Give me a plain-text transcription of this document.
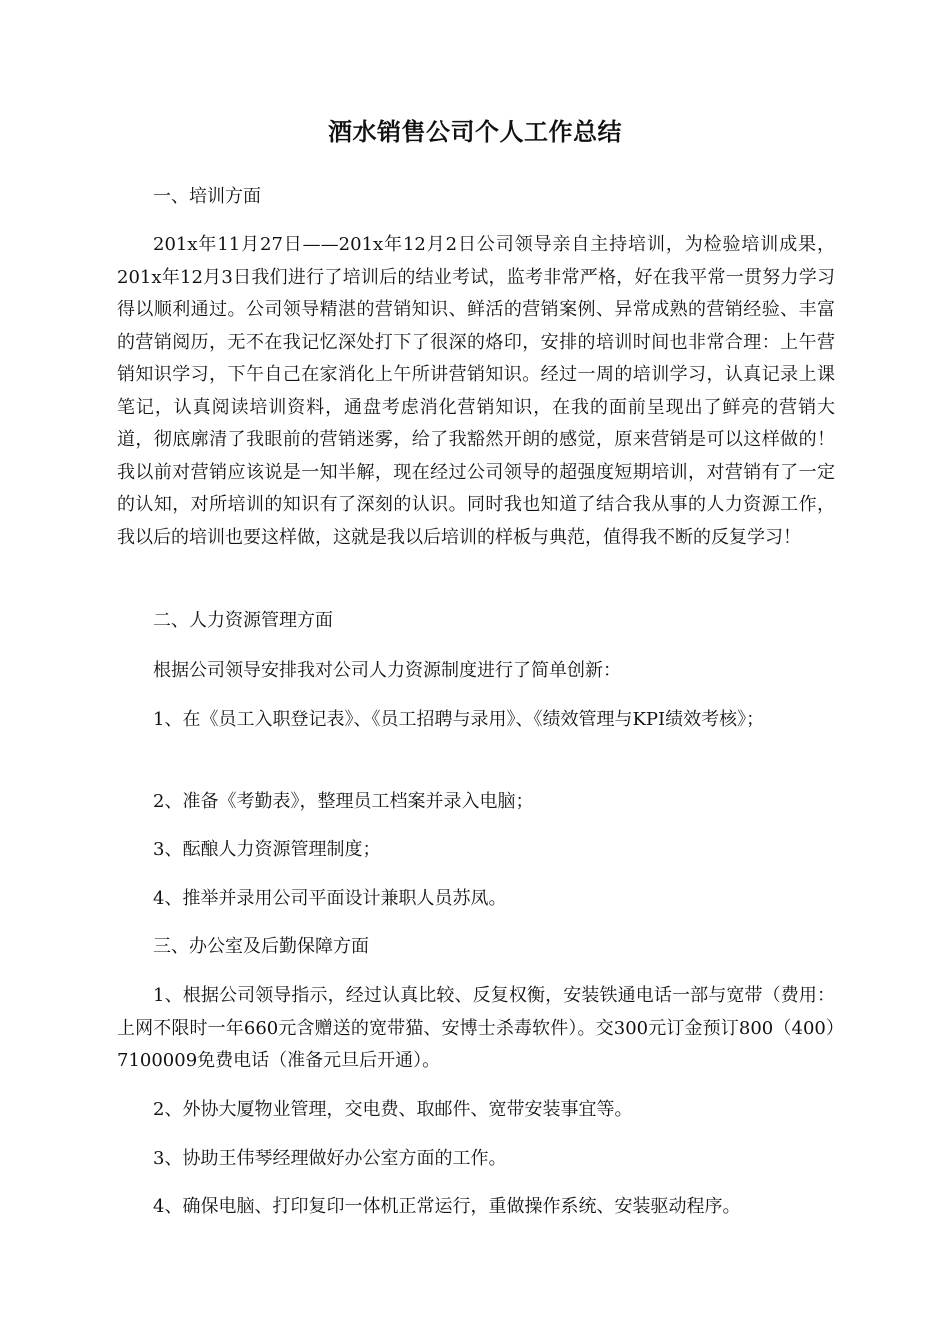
酒水销售公司个人工作总结

一、培训方面

201x年11月27日——201x年12月2日公司领导亲自主持培训，为检验培训成果，201x年12月3日我们进行了培训后的结业考试，监考非常严格，好在我平常一贯努力学习得以顺利通过。公司领导精湛的营销知识、鲜活的营销案例、异常成熟的营销经验、丰富的营销阅历，无不在我记忆深处打下了很深的烙印，安排的培训时间也非常合理：上午营销知识学习，下午自己在家消化上午所讲营销知识。经过一周的培训学习，认真记录上课笔记，认真阅读培训资料，通盘考虑消化营销知识，在我的面前呈现出了鲜亮的营销大道，彻底廓清了我眼前的营销迷雾，给了我豁然开朗的感觉，原来营销是可以这样做的！我以前对营销应该说是一知半解，现在经过公司领导的超强度短期培训，对营销有了一定的认知，对所培训的知识有了深刻的认识。同时我也知道了结合我从事的人力资源工作，我以后的培训也要这样做，这就是我以后培训的样板与典范，值得我不断的反复学习！

二、人力资源管理方面

根据公司领导安排我对公司人力资源制度进行了简单创新：

1、在《员工入职登记表》、《员工招聘与录用》、《绩效管理与KPI绩效考核》；

2、准备《考勤表》，整理员工档案并录入电脑；

3、酝酿人力资源管理制度；

4、推举并录用公司平面设计兼职人员苏凤。

三、办公室及后勤保障方面

1、根据公司领导指示，经过认真比较、反复权衡，安装铁通电话一部与宽带（费用：上网不限时一年660元含赠送的宽带猫、安博士杀毒软件）。交300元订金预订800（400）7100009免费电话（准备元旦后开通）。

2、外协大厦物业管理，交电费、取邮件、宽带安装事宜等。

3、协助王伟琴经理做好办公室方面的工作。

4、确保电脑、打印复印一体机正常运行，重做操作系统、安装驱动程序。
